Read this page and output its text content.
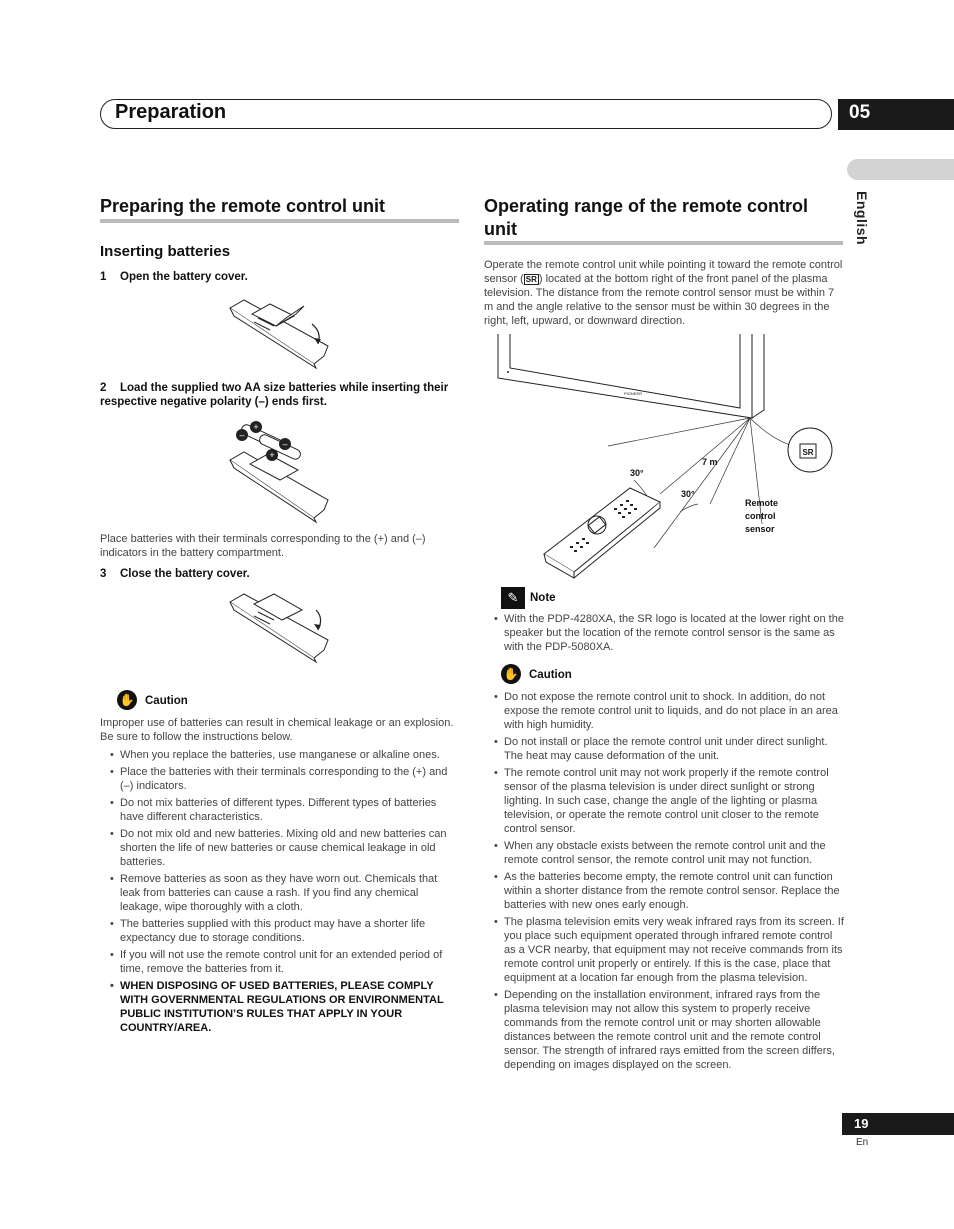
Preparation	05
English
Preparing the remote control unit
Inserting batteries
1 Open the battery cover.
2 Load the supplied two AA size batteries while inserting their respective negative polarity (–) ends first.
–
+
+
–
Place batteries with their terminals corresponding to the (+) and (–) indicators in the battery compartment.
3 Close the battery cover.
✋ Caution
Improper use of batteries can result in chemical leakage or an explosion. Be sure to follow the instructions below.
• When you replace the batteries, use manganese or alkaline ones.
• Place the batteries with their terminals corresponding to the (+) and (–) indicators.
• Do not mix batteries of different types. Different types of batteries have different characteristics.
• Do not mix old and new batteries. Mixing old and new batteries can shorten the life of new batteries or cause chemical leakage in old batteries.
• Remove batteries as soon as they have worn out. Chemicals that leak from batteries can cause a rash. If you find any chemical leakage, wipe thoroughly with a cloth.
• The batteries supplied with this product may have a shorter life expectancy due to storage conditions.
• If you will not use the remote control unit for an extended period of time, remove the batteries from it.
• WHEN DISPOSING OF USED BATTERIES, PLEASE COMPLY WITH GOVERNMENTAL REGULATIONS OR ENVIRONMENTAL PUBLIC INSTITUTION’S RULES THAT APPLY IN YOUR COUNTRY/AREA.
Operating range of the remote control
unit
Operate the remote control unit while pointing it toward the remote control sensor ( SR ) located at the bottom right of the front panel of the plasma television. The distance from the remote control sensor must be within 7 m and the angle relative to the sensor must be within 30 degrees in the right, left, upward, or downward direction.
PIONEER
SR
7 m
30°
30°
Remote
control
sensor
✎	Note
• With the PDP-4280XA, the SR logo is located at the lower right on the speaker but the location of the remote control sensor is the same as with the PDP-5080XA.
✋ Caution
• Do not expose the remote control unit to shock. In addition, do not expose the remote control unit to liquids, and do not place in an area with high humidity.
• Do not install or place the remote control unit under direct sunlight. The heat may cause deformation of the unit.
• The remote control unit may not work properly if the remote control sensor of the plasma television is under direct sunlight or strong lighting. In such case, change the angle of the lighting or plasma television, or operate the remote control unit closer to the remote control sensor.
• When any obstacle exists between the remote control unit and the remote control sensor, the remote control unit may not function.
• As the batteries become empty, the remote control unit can function within a shorter distance from the remote control sensor. Replace the batteries with new ones early enough.
• The plasma television emits very weak infrared rays from its screen. If you place such equipment operated through infrared remote control as a VCR nearby, that equipment may not receive commands from its remote control unit properly or entirely. If this is the case, place that equipment at a location far enough from the plasma television.
• Depending on the installation environment, infrared rays from the plasma television may not allow this system to properly receive commands from the remote control unit or may shorten allowable distances between the remote control unit and the remote control sensor. The strength of infrared rays emitted from the screen differs, depending on images displayed on the screen.
19
En
